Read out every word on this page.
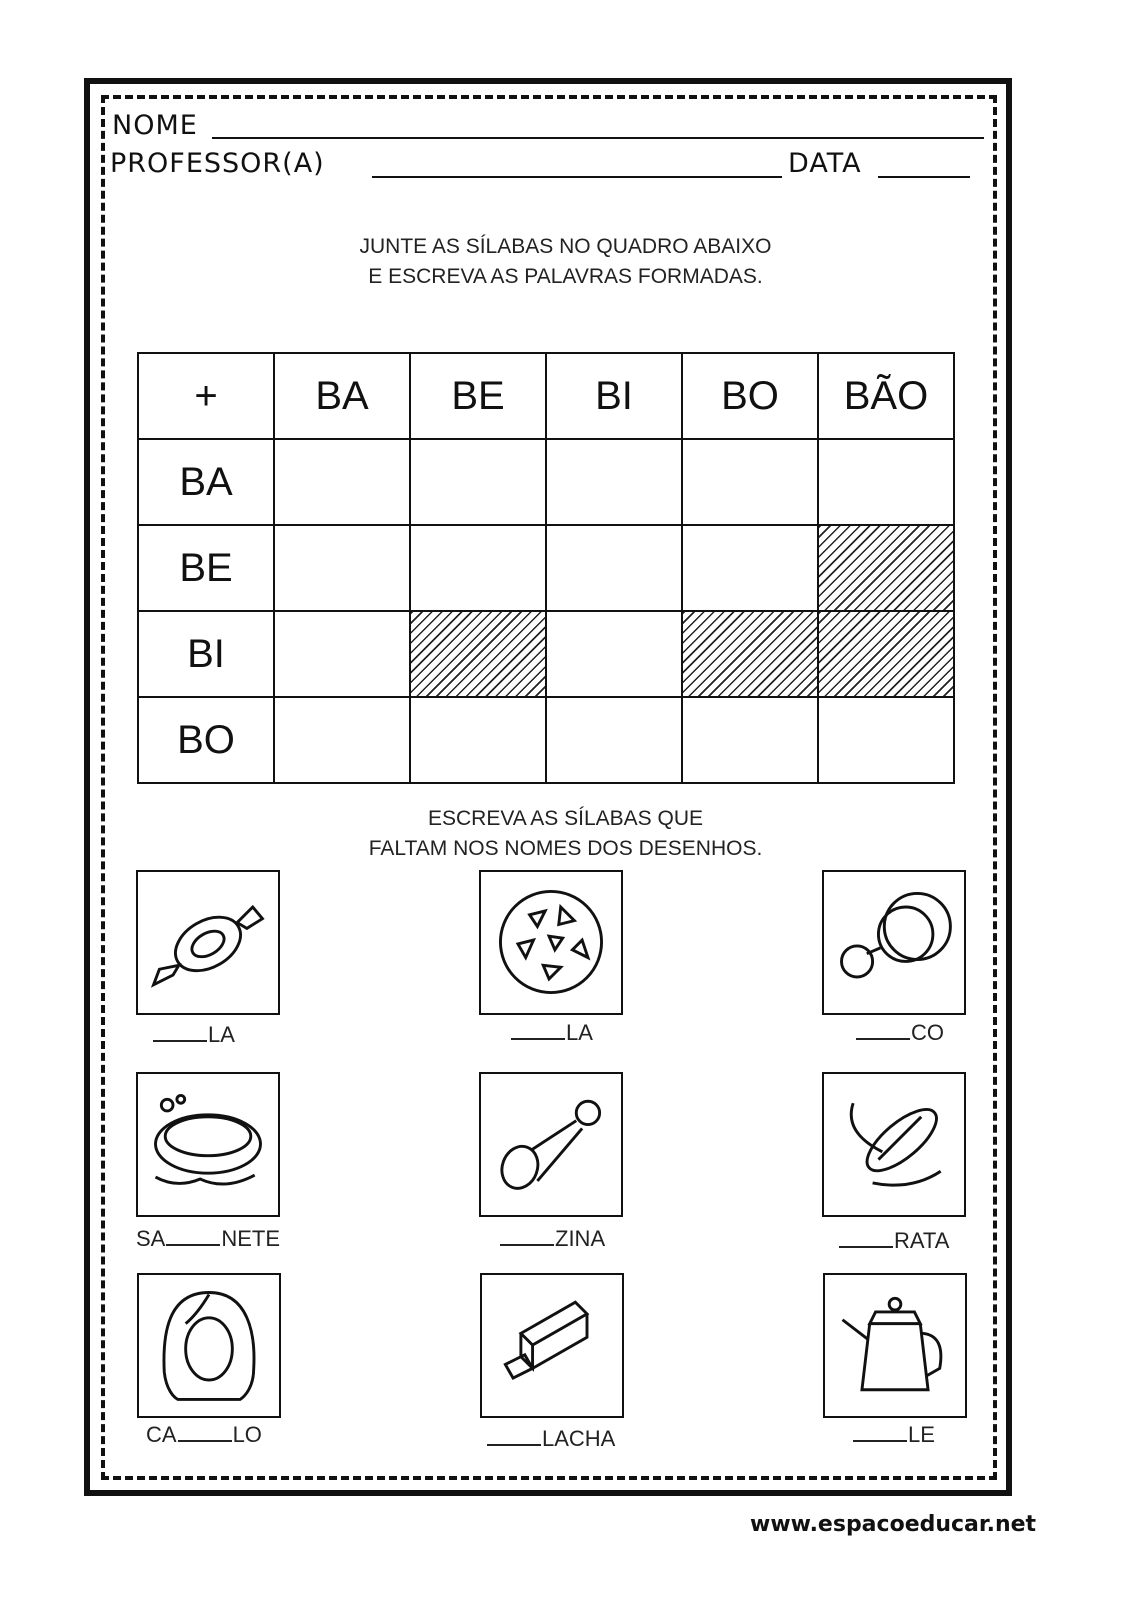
NOME
PROFESSOR(A)	DATA
JUNTE AS SÍLABAS NO QUADRO ABAIXO
E ESCREVA AS PALAVRAS FORMADAS.
+	BA	BE	BI	BO	BÃO
BA					
BE					
BI					
BO					
ESCREVA AS SÍLABAS QUE
FALTAM NOS NOMES DOS DESENHOS.
LA	LA	CO
SA	NETE	ZINA	RATA
CA	LO	LACHA	LE
www.espacoeducar.net
